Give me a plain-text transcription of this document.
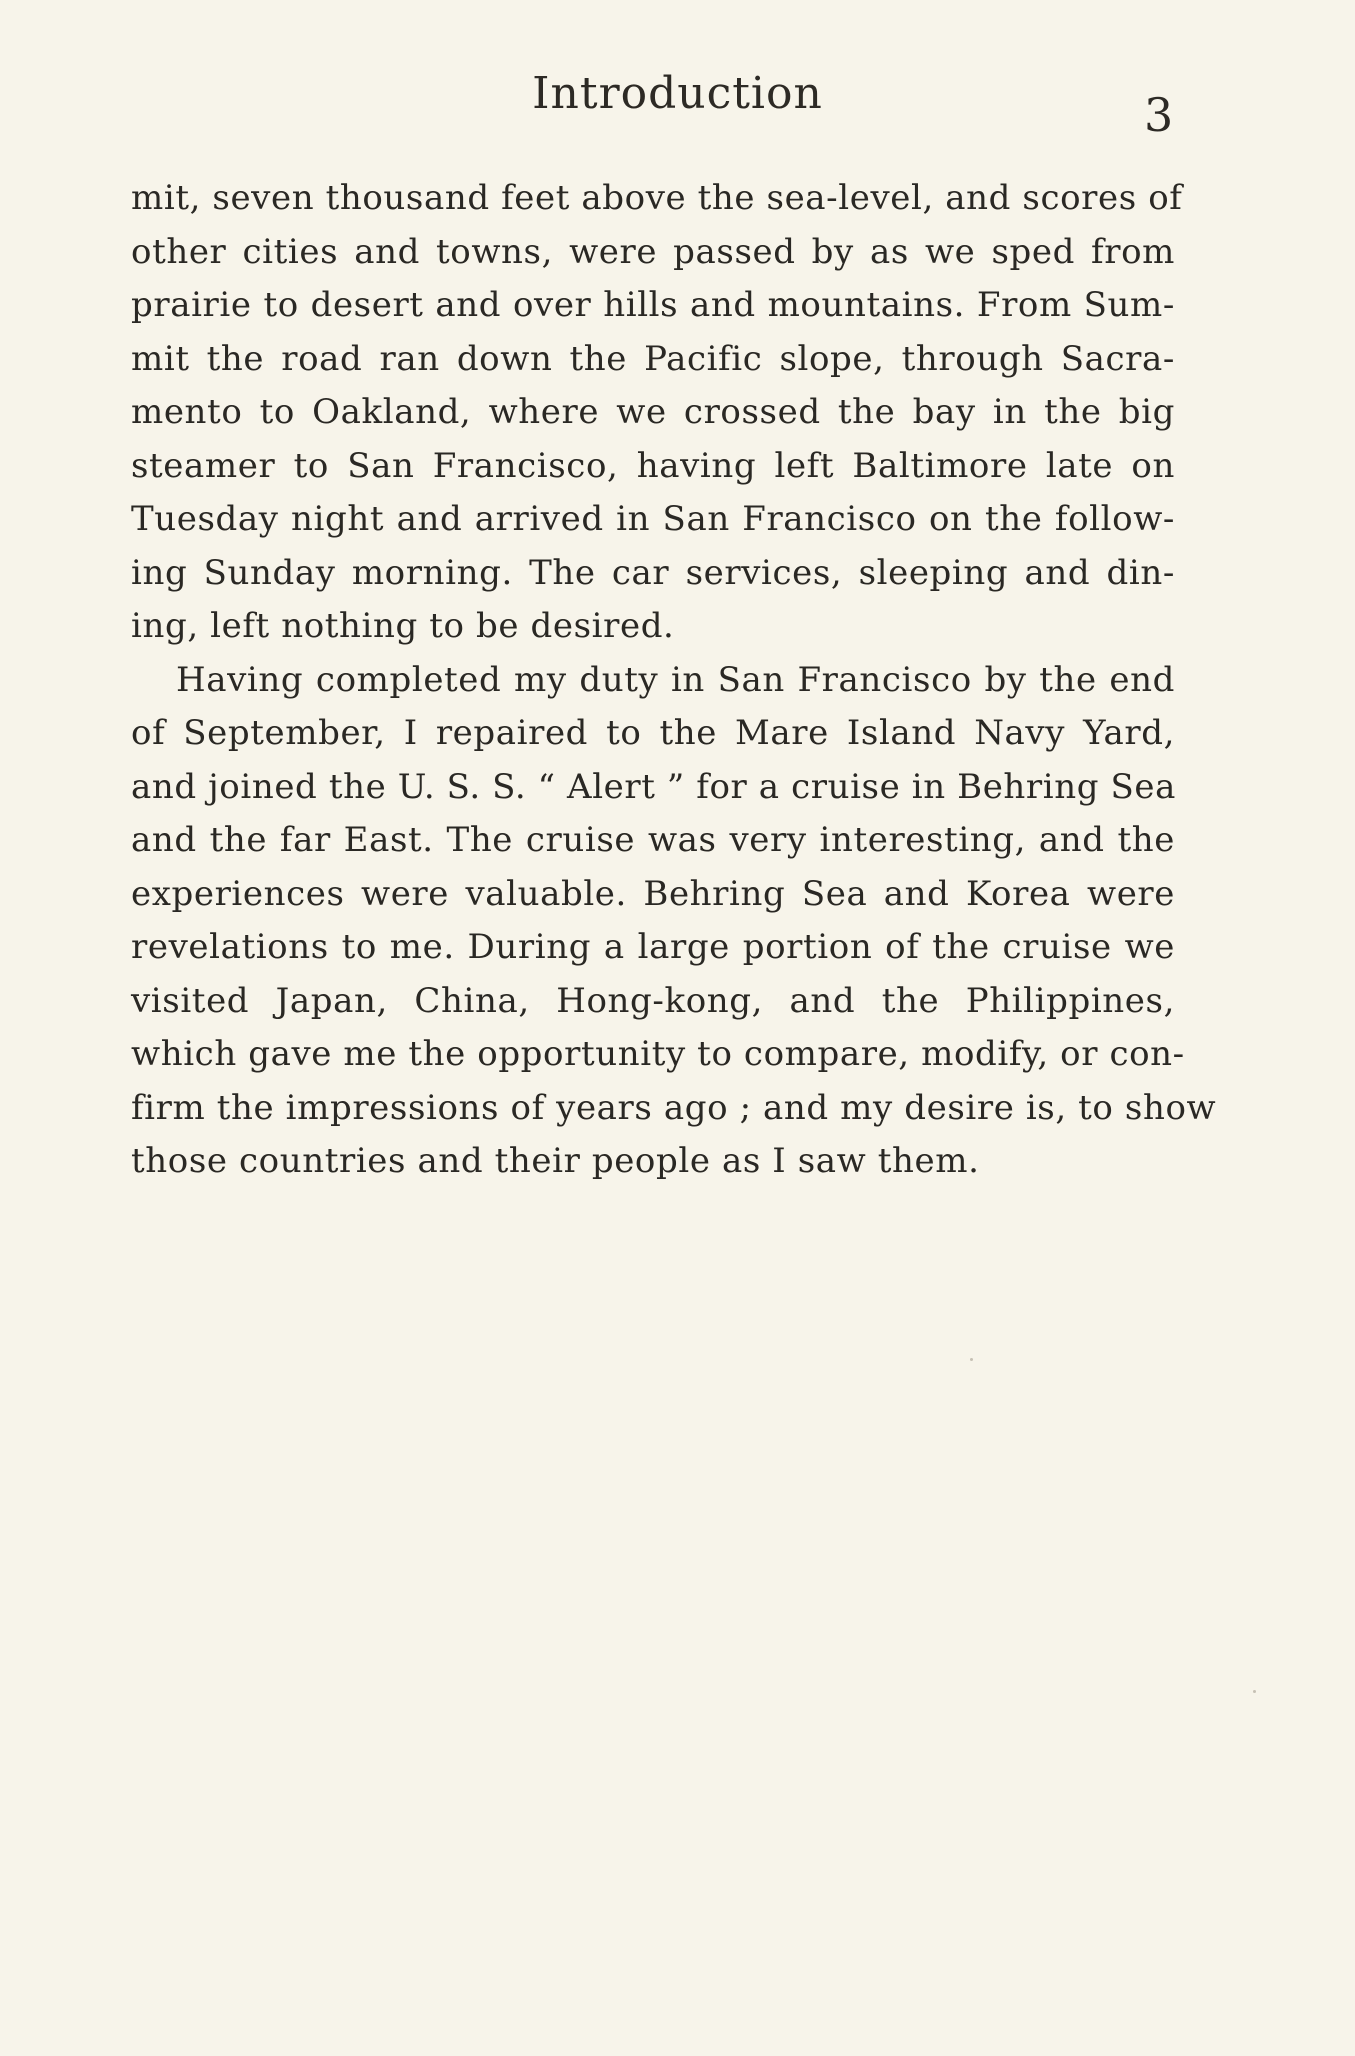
Introduction	3
mit, seven thousand feet above the sea-level, and scores of
other cities and towns, were passed by as we sped from
prairie to desert and over hills and mountains. From Sum-
mit the road ran down the Pacific slope, through Sacra-
mento to Oakland, where we crossed the bay in the big
steamer to San Francisco, having left Baltimore late on
Tuesday night and arrived in San Francisco on the follow-
ing Sunday morning. The car services, sleeping and din-
ing, left nothing to be desired.
Having completed my duty in San Francisco by the end
of September, I repaired to the Mare Island Navy Yard,
and joined the U. S. S. “ Alert ” for a cruise in Behring Sea
and the far East. The cruise was very interesting, and the
experiences were valuable. Behring Sea and Korea were
revelations to me. During a large portion of the cruise we
visited Japan, China, Hong-kong, and the Philippines,
which gave me the opportunity to compare, modify, or con-
firm the impressions of years ago ; and my desire is, to show
those countries and their people as I saw them.
